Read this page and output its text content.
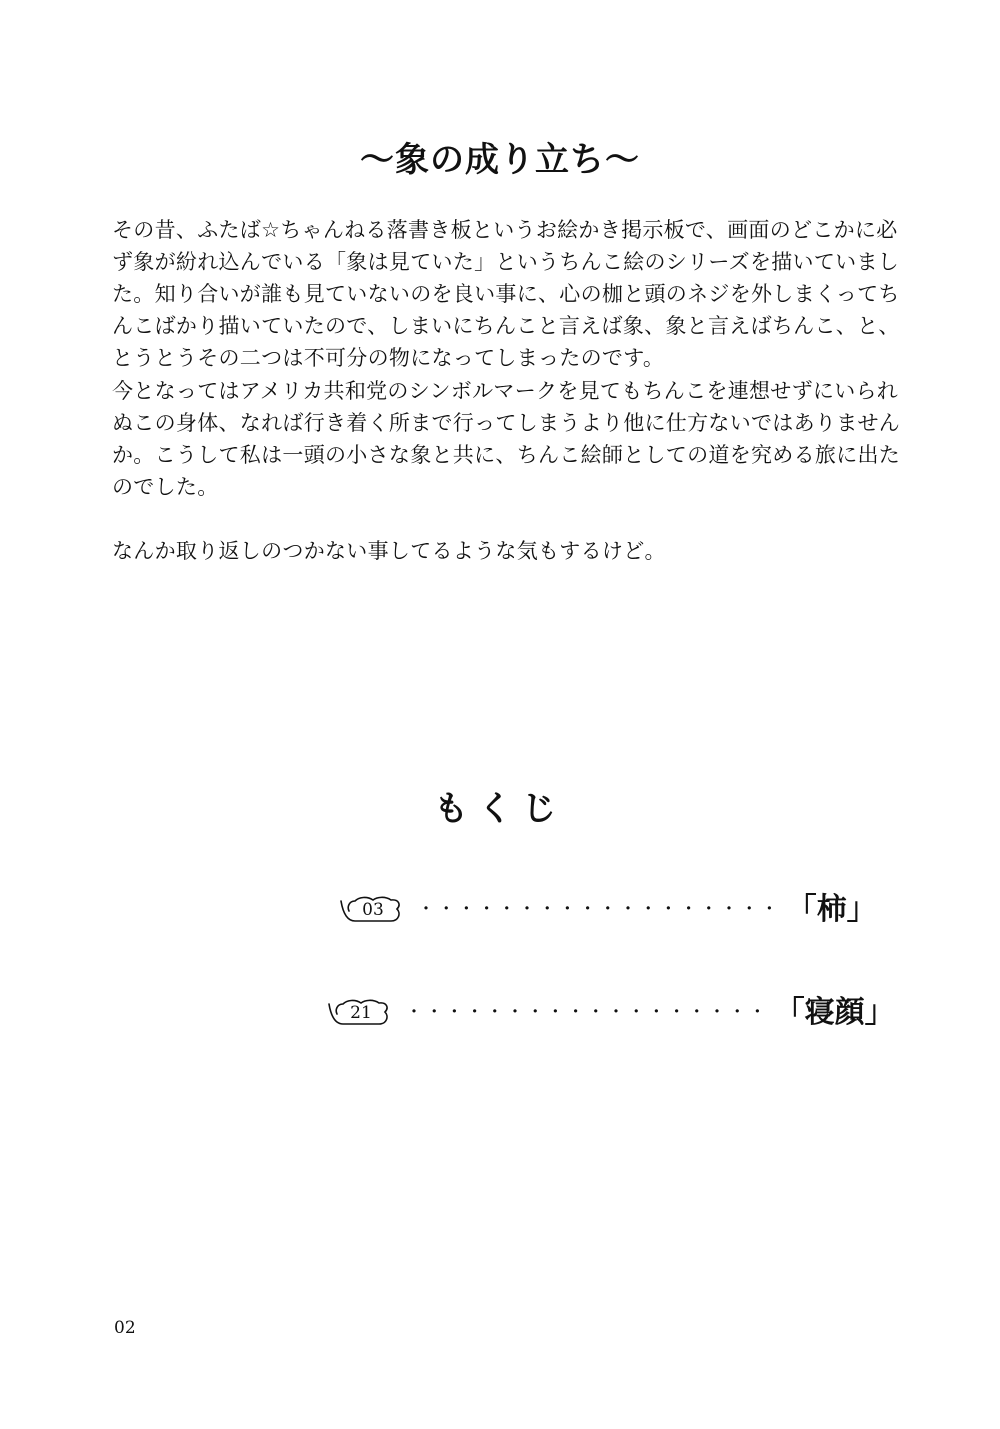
～象の成り立ち～

その昔、ふたば☆ちゃんねる落書き板というお絵かき掲示板で、画面のどこかに必ず象が紛れ込んでいる「象は見ていた」というちんこ絵のシリーズを描いていました。知り合いが誰も見ていないのを良い事に、心の枷と頭のネジを外しまくってちんこばかり描いていたので、しまいにちんこと言えば象、象と言えばちんこ、と、とうとうその二つは不可分の物になってしまったのです。

今となってはアメリカ共和党のシンボルマークを見てもちんこを連想せずにいられぬこの身体、なれば行き着く所まで行ってしまうより他に仕方ないではありませんか。こうして私は一頭の小さな象と共に、ちんこ絵師としての道を究める旅に出たのでした。

なんか取り返しのつかない事してるような気もするけど。

もくじ
03	・・・・・・・・・・・・・・・・・・ 「柿」
21	・・・・・・・・・・・・・・・・・・ 「寝顔」
02
